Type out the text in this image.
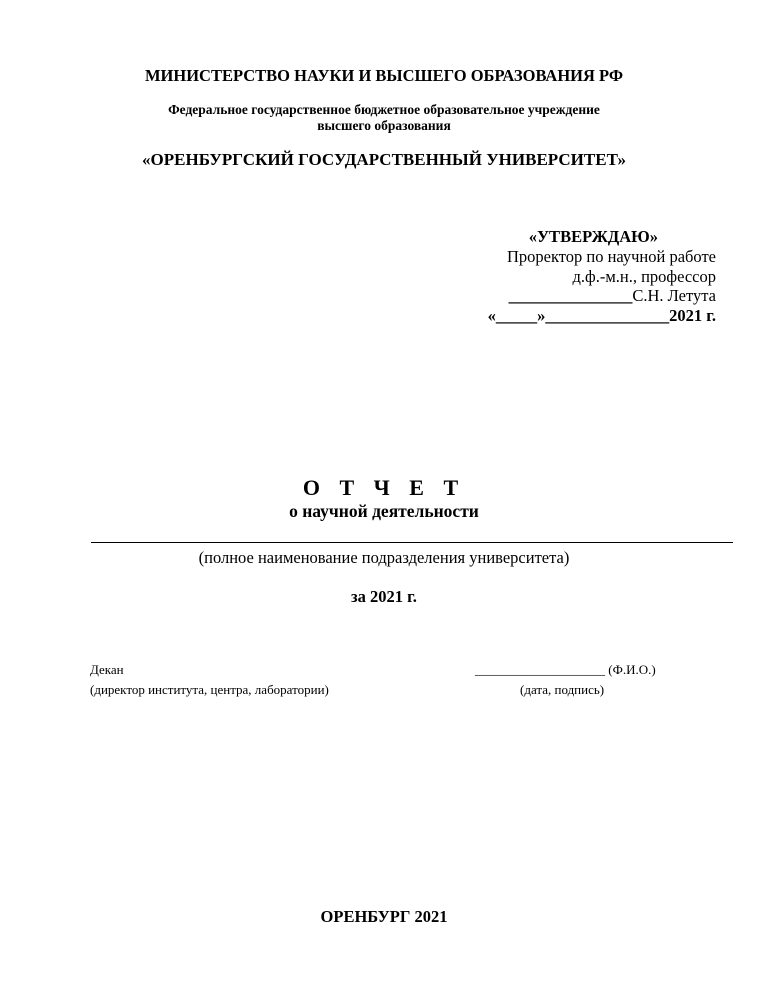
МИНИСТЕРСТВО НАУКИ И ВЫСШЕГО ОБРАЗОВАНИЯ РФ
Федеральное государственное бюджетное образовательное учреждение
высшего образования
«ОРЕНБУРГСКИЙ ГОСУДАРСТВЕННЫЙ УНИВЕРСИТЕТ»
«УТВЕРЖДАЮ»
Проректор по научной работе
д.ф.-м.н., профессор
_______________С.Н. Летута
«_____»_______________2021 г.
О Т Ч Е Т
о научной деятельности
(полное наименование подразделения университета)
за 2021 г.
Декан
(директор института, центра, лаборатории)
____________________ (Ф.И.О.)
(дата, подпись)
ОРЕНБУРГ 2021
